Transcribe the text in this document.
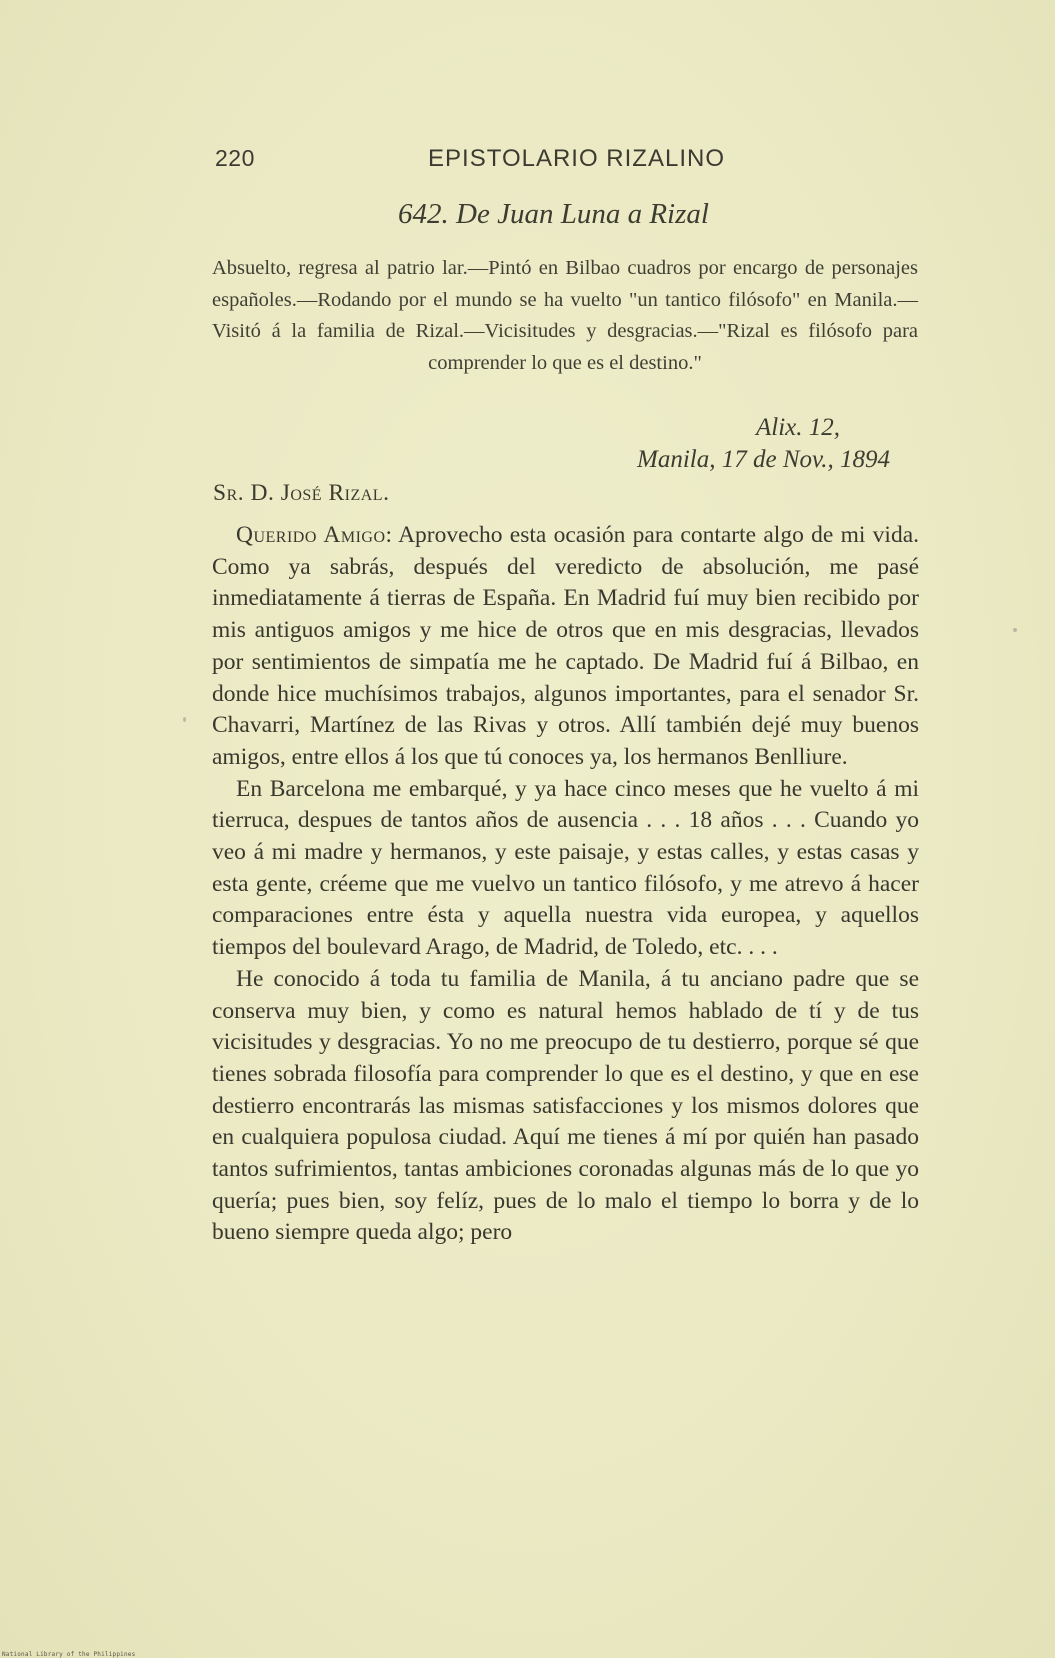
220	EPISTOLARIO RIZALINO
642. De Juan Luna a Rizal

Absuelto, regresa al patrio lar.—Pintó en Bilbao cuadros por encargo de personajes españoles.—Rodando por el mundo se ha vuelto "un tantico filósofo" en Manila.—Visitó á la familia de Rizal.—Vicisitudes y desgracias.—"Rizal es filósofo para comprender lo que es el destino."

Alix. 12,
Manila, 17 de Nov., 1894
Sr. D. José Rizal.

Querido Amigo: Aprovecho esta ocasión para contarte algo de mi vida. Como ya sabrás, después del veredicto de absolución, me pasé inmediatamente á tierras de España. En Madrid fuí muy bien recibido por mis antiguos amigos y me hice de otros que en mis desgracias, llevados por sentimientos de simpatía me he captado. De Madrid fuí á Bilbao, en donde hice muchísimos trabajos, algunos importantes, para el senador Sr. Chavarri, Martínez de las Rivas y otros. Allí también dejé muy buenos amigos, entre ellos á los que tú conoces ya, los hermanos Benlliure.

En Barcelona me embarqué, y ya hace cinco meses que he vuelto á mi tierruca, despues de tantos años de ausencia . . . 18 años . . . Cuando yo veo á mi madre y hermanos, y este paisaje, y estas calles, y estas casas y esta gente, créeme que me vuelvo un tantico filósofo, y me atrevo á hacer comparaciones entre ésta y aquella nuestra vida europea, y aquellos tiempos del boulevard Arago, de Madrid, de Toledo, etc. . . .

He conocido á toda tu familia de Manila, á tu anciano padre que se conserva muy bien, y como es natural hemos hablado de tí y de tus vicisitudes y desgracias. Yo no me preocupo de tu destierro, porque sé que tienes sobrada filosofía para comprender lo que es el destino, y que en ese destierro encontrarás las mismas satisfacciones y los mismos dolores que en cualquiera populosa ciudad. Aquí me tienes á mí por quién han pasado tantos sufrimientos, tantas ambiciones coronadas algunas más de lo que yo quería; pues bien, soy felíz, pues de lo malo el tiempo lo borra y de lo bueno siempre queda algo; pero

National Library of the Philippines
